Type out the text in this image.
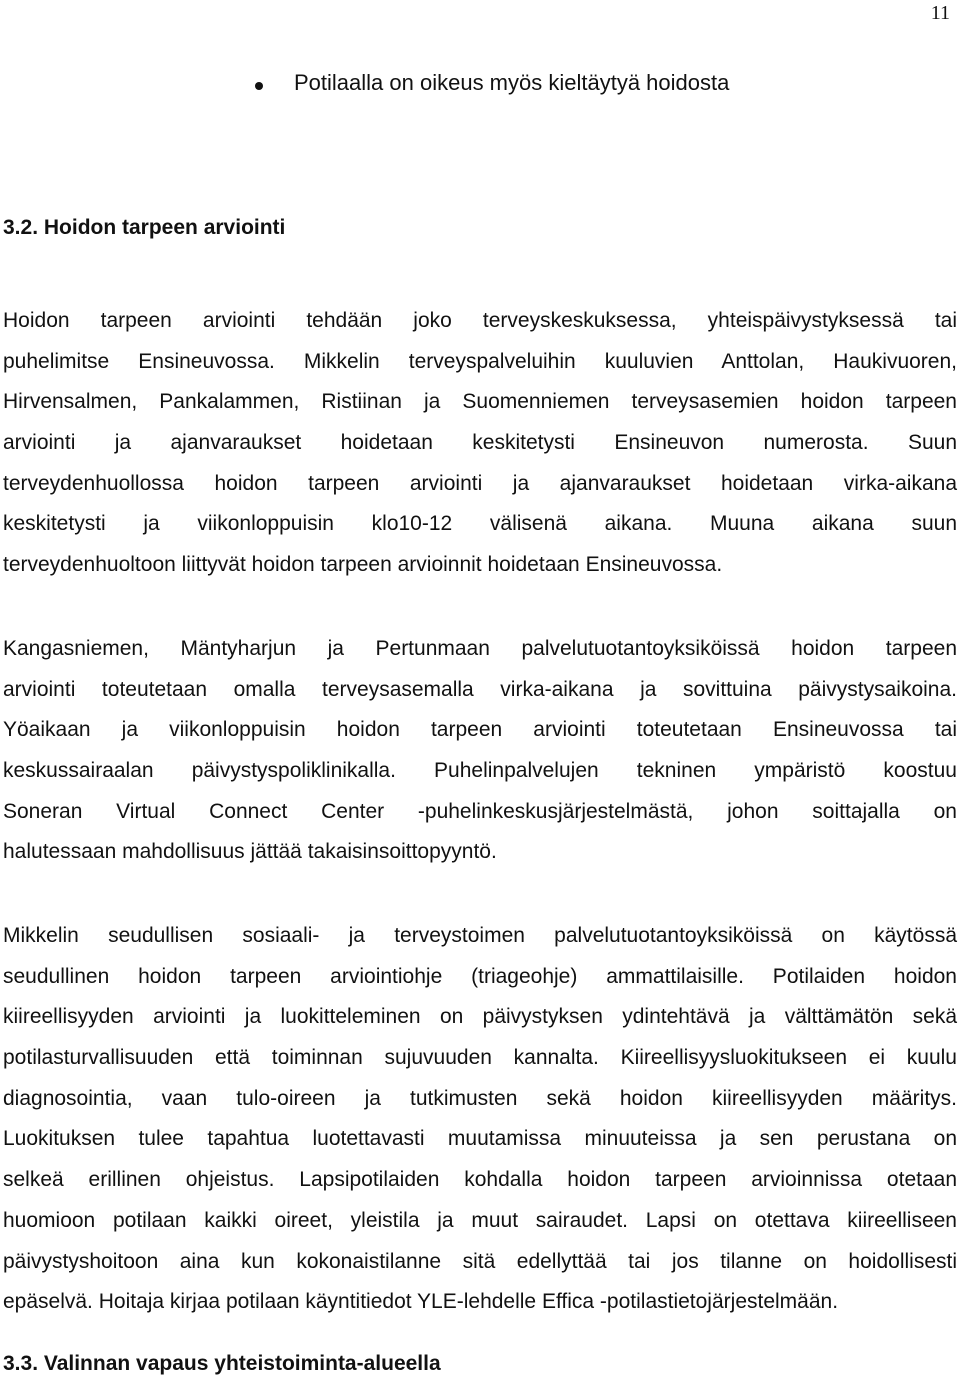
11
Potilaalla on oikeus myös kieltäytyä hoidosta
3.2. Hoidon tarpeen arviointi
Hoidon tarpeen arviointi tehdään joko terveyskeskuksessa, yhteispäivystyksessä tai
puhelimitse Ensineuvossa. Mikkelin terveyspalveluihin kuuluvien Anttolan, Haukivuoren,
Hirvensalmen, Pankalammen, Ristiinan ja Suomenniemen terveysasemien hoidon tarpeen
arviointi ja ajanvaraukset hoidetaan keskitetysti Ensineuvon numerosta. Suun
terveydenhuollossa hoidon tarpeen arviointi ja ajanvaraukset hoidetaan virka-aikana
keskitetysti ja viikonloppuisin klo10-12 välisenä aikana. Muuna aikana suun
terveydenhuoltoon liittyvät hoidon tarpeen arvioinnit hoidetaan Ensineuvossa.
Kangasniemen, Mäntyharjun ja Pertunmaan palvelutuotantoyksiköissä hoidon tarpeen
arviointi toteutetaan omalla terveysasemalla virka-aikana ja sovittuina päivystysaikoina.
Yöaikaan ja viikonloppuisin hoidon tarpeen arviointi toteutetaan Ensineuvossa tai
keskussairaalan päivystyspoliklinikalla. Puhelinpalvelujen tekninen ympäristö koostuu
Soneran Virtual Connect Center -puhelinkeskusjärjestelmästä, johon soittajalla on
halutessaan mahdollisuus jättää takaisinsoittopyyntö.
Mikkelin seudullisen sosiaali- ja terveystoimen palvelutuotantoyksiköissä on käytössä
seudullinen hoidon tarpeen arviointiohje (triageohje) ammattilaisille. Potilaiden hoidon
kiireellisyyden arviointi ja luokitteleminen on päivystyksen ydintehtävä ja välttämätön sekä
potilasturvallisuuden että toiminnan sujuvuuden kannalta. Kiireellisyysluokitukseen ei kuulu
diagnosointia, vaan tulo-oireen ja tutkimusten sekä hoidon kiireellisyyden määritys.
Luokituksen tulee tapahtua luotettavasti muutamissa minuuteissa ja sen perustana on
selkeä erillinen ohjeistus. Lapsipotilaiden kohdalla hoidon tarpeen arvioinnissa otetaan
huomioon potilaan kaikki oireet, yleistila ja muut sairaudet. Lapsi on otettava kiireelliseen
päivystyshoitoon aina kun kokonaistilanne sitä edellyttää tai jos tilanne on hoidollisesti
epäselvä. Hoitaja kirjaa potilaan käyntitiedot YLE-lehdelle Effica -potilastietojärjestelmään.
3.3. Valinnan vapaus yhteistoiminta-alueella
